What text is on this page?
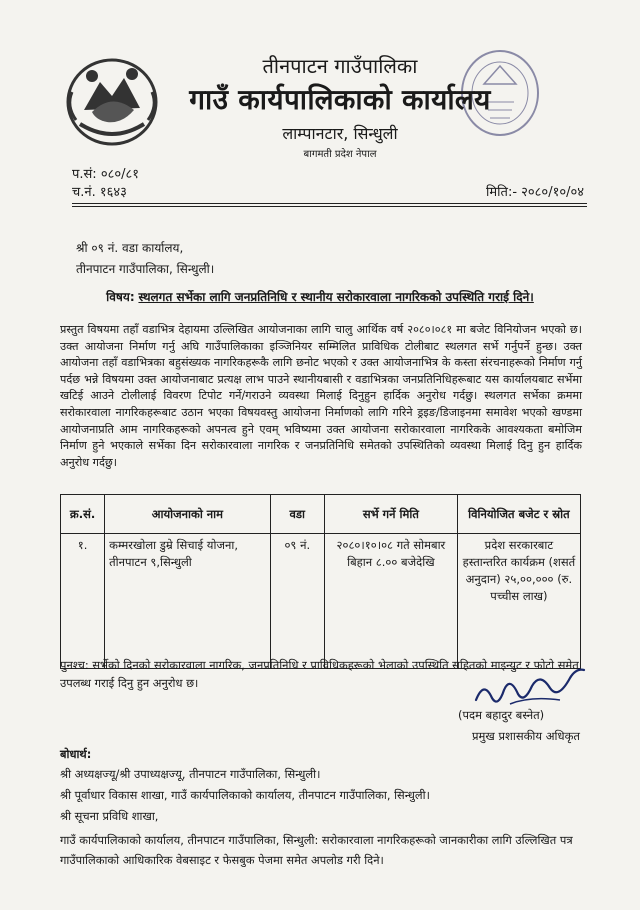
तीनपाटन गाउँपालिका
गाउँ कार्यपालिकाको कार्यालय
लाम्पानटार, सिन्धुली
बागमती प्रदेश नेपाल
प.सं: ०८०/८१
च.नं. १६४३	मिति:- २०८०/१०/०४
श्री ०९ नं. वडा कार्यालय,
तीनपाटन गाउँपालिका, सिन्धुली।
विषय: स्थलगत सर्भेका लागि जनप्रतिनिधि र स्थानीय सरोकारवाला नागरिकको उपस्थिति गराई दिने।
प्रस्तुत विषयमा तहाँ वडाभित्र देहायमा उल्लिखित आयोजनाका लागि चालु आर्थिक वर्ष २०८०।०८१ मा बजेट विनियोजन भएको छ। उक्त आयोजना निर्माण गर्नु अघि गाउँपालिकाका इञ्जिनियर सम्मिलित प्राविधिक टोलीबाट स्थलगत सर्भे गर्नुपर्ने हुन्छ। उक्त आयोजना तहाँ वडाभित्रका बहुसंख्यक नागरिकहरूकै लागि छनोट भएको र उक्त आयोजनाभित्र के कस्ता संरचनाहरूको निर्माण गर्नु पर्दछ भन्ने विषयमा उक्त आयोजनाबाट प्रत्यक्ष लाभ पाउने स्थानीयबासी र वडाभित्रका जनप्रतिनिधिहरूबाट यस कार्यालयबाट सर्भेमा खटिई आउने टोलीलाई विवरण टिपोट गर्ने/गराउने व्यवस्था मिलाई दिनुहुन हार्दिक अनुरोध गर्दछु। स्थलगत सर्भेका क्रममा सरोकारवाला नागरिकहरूबाट उठान भएका विषयवस्तु आयोजना निर्माणको लागि गरिने ड्रइङ/डिजाइनमा समावेश भएको खण्डमा आयोजनाप्रति आम नागरिकहरूको अपनत्व हुने एवम् भविष्यमा उक्त आयोजना सरोकारवाला नागरिकके आवश्यकता बमोजिम निर्माण हुने भएकाले सर्भेका दिन सरोकारवाला नागरिक र जनप्रतिनिधि समेतको उपस्थितिको व्यवस्था मिलाई दिनु हुन हार्दिक अनुरोध गर्दछु।
क्र.सं.	आयोजनाको नाम	वडा	सर्भे गर्ने मिति	विनियोजित बजेट र स्रोत
१.	कम्मरखोला डुम्रे सिचाई योजना, तीनपाटन ९,सिन्धुली	०९ नं.	२०८०।१०।०८ गते सोमबार बिहान ८.०० बजेदेखि	प्रदेश सरकारबाट हस्तान्तरित कार्यक्रम (शसर्त अनुदान) २५,००,००० (रु. पच्चीस लाख)
पुनश्च: सर्भेको दिनको सरोकारवाला नागरिक, जनप्रतिनिधि र प्राविधिकहरूको भेलाको उपस्थिति सहितको माइन्युट र फोटो समेत उपलब्ध गराई दिनु हुन अनुरोध छ।
(पदम बहादुर बस्नेत)
प्रमुख प्रशासकीय अधिकृत
बोधार्थ:
श्री अध्यक्षज्यू/श्री उपाध्यक्षज्यू, तीनपाटन गाउँपालिका, सिन्धुली।
श्री पूर्वाधार विकास शाखा, गाउँ कार्यपालिकाको कार्यालय, तीनपाटन गाउँपालिका, सिन्धुली।
श्री सूचना प्रविधि शाखा,
गाउँ कार्यपालिकाको कार्यालय, तीनपाटन गाउँपालिका, सिन्धुली: सरोकारवाला नागरिकहरूको जानकारीका लागि उल्लिखित पत्र गाउँपालिकाको आधिकारिक वेबसाइट र फेसबुक पेजमा समेत अपलोड गरी दिने।
